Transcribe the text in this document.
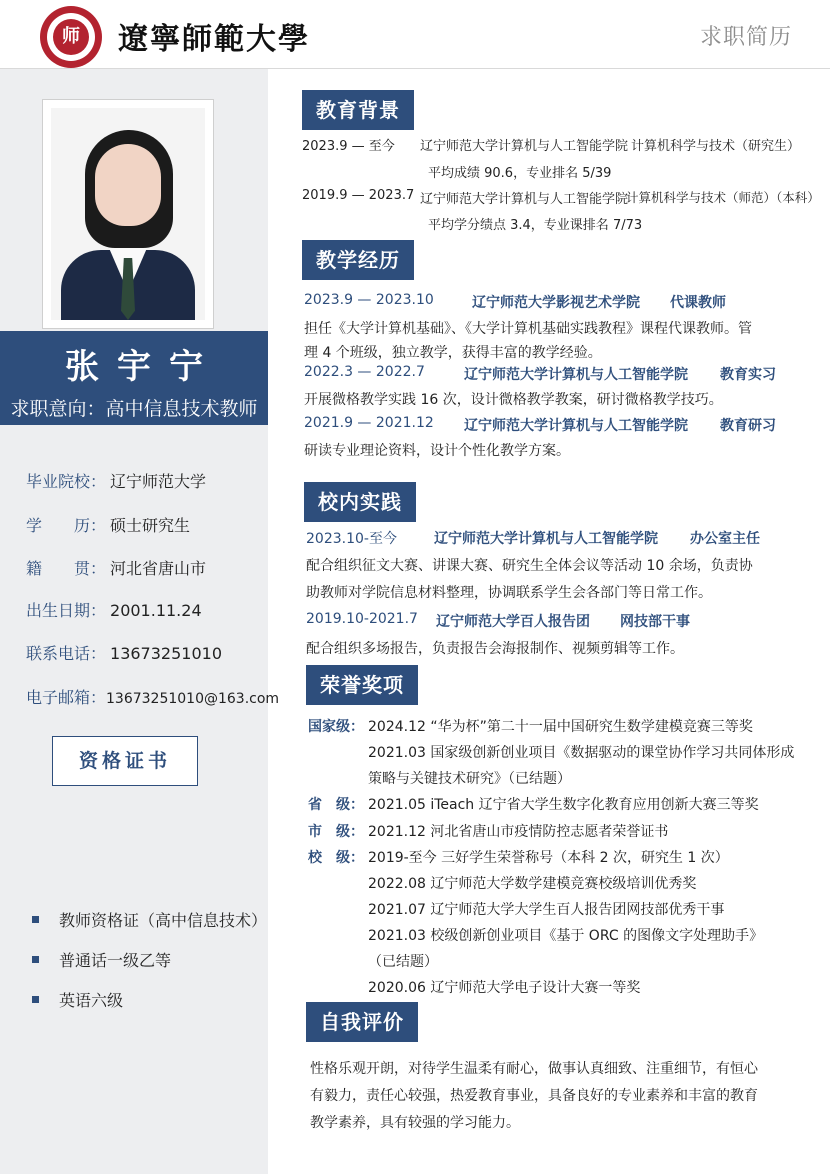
师	遼寧師範大學	求职简历
张宇宁
求职意向：高中信息技术教师
毕业院校： 辽宁师范大学
学　　历： 硕士研究生
籍　　贯： 河北省唐山市
出生日期： 2001.11.24
联系电话： 13673251010
电子邮箱：13673251010@163.com
资格证书
教师资格证（高中信息技术）
普通话一级乙等
英语六级
教育背景
2023.9 — 至今 辽宁师范大学计算机与人工智能学院 计算机科学与技术（研究生）
平均成绩 90.6，专业排名 5/39
2019.9 — 2023.7 辽宁师范大学计算机与人工智能学院
计算机科学与技术（师范）（本科）
平均学分绩点 3.4，专业课排名 7/73
教学经历
2023.9 — 2023.10	辽宁师范大学影视艺术学院 代课教师
担任《大学计算机基础》、《大学计算机基础实践教程》课程代课教师。管
理 4 个班级，独立教学，获得丰富的教学经验。
2022.3 — 2022.7	辽宁师范大学计算机与人工智能学院 教育实习
开展微格教学实践 16 次，设计微格教学教案，研讨微格教学技巧。
2021.9 — 2021.12 辽宁师范大学计算机与人工智能学院 教育研习
研读专业理论资料，设计个性化教学方案。
校内实践
2023.10-至今	辽宁师范大学计算机与人工智能学院 办公室主任
配合组织征文大赛、讲课大赛、研究生全体会议等活动 10 余场，负责协
助教师对学院信息材料整理，协调联系学生会各部门等日常工作。
2019.10-2021.7 辽宁师范大学百人报告团 网技部干事
配合组织多场报告，负责报告会海报制作、视频剪辑等工作。
荣誉奖项
国家级： 2024.12 “华为杯”第二十一届中国研究生数学建模竞赛三等奖
2021.03 国家级创新创业项目《数据驱动的课堂协作学习共同体形成
策略与关键技术研究》（已结题）
省　级： 2021.05 iTeach 辽宁省大学生数字化教育应用创新大赛三等奖
市　级： 2021.12 河北省唐山市疫情防控志愿者荣誉证书
校　级： 2019-至今 三好学生荣誉称号（本科 2 次，研究生 1 次）
2022.08 辽宁师范大学数学建模竞赛校级培训优秀奖
2021.07 辽宁师范大学大学生百人报告团网技部优秀干事
2021.03 校级创新创业项目《基于 ORC 的图像文字处理助手》
（已结题）
2020.06 辽宁师范大学电子设计大赛一等奖
自我评价
性格乐观开朗，对待学生温柔有耐心，做事认真细致、注重细节，有恒心
有毅力，责任心较强，热爱教育事业，具备良好的专业素养和丰富的教育
教学素养，具有较强的学习能力。
